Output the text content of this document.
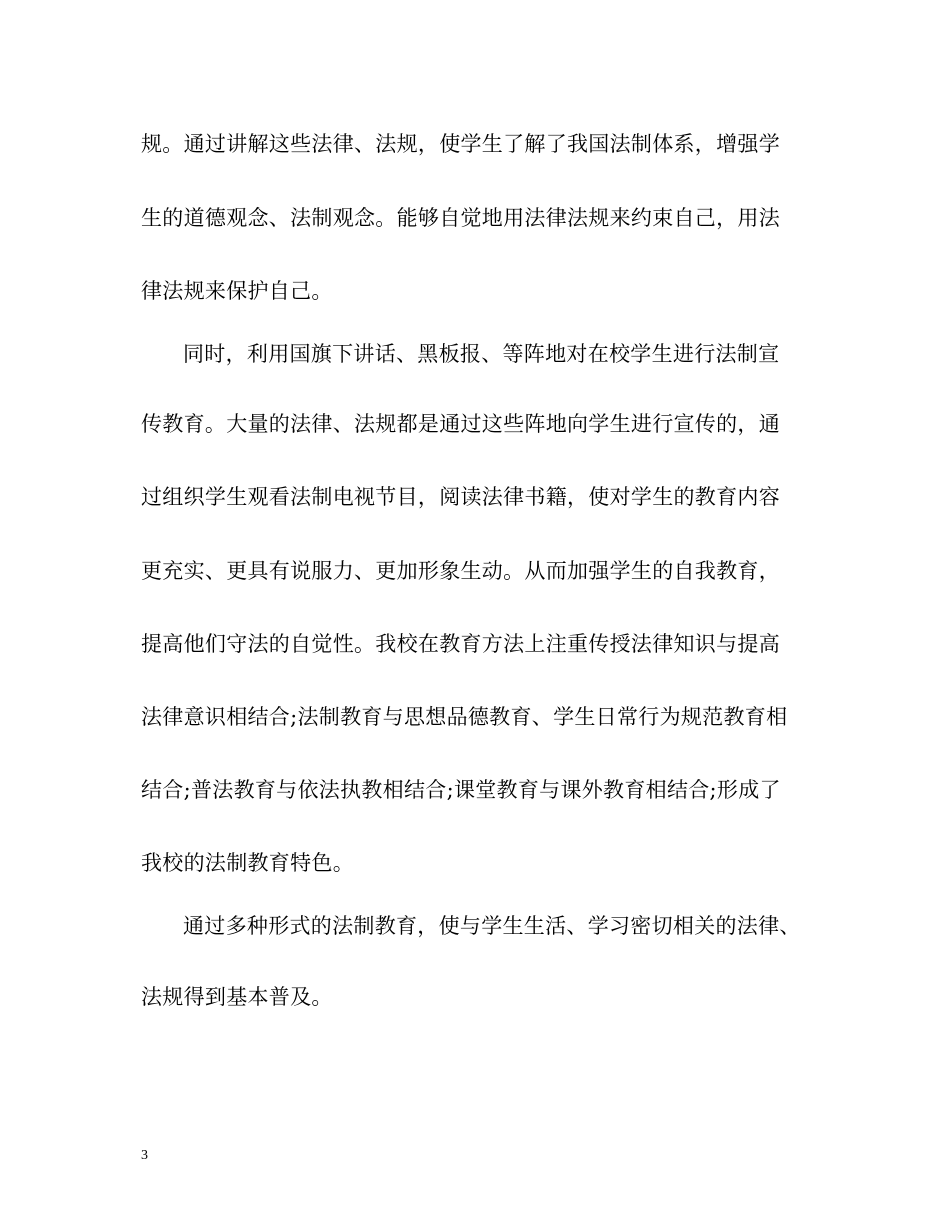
规。通过讲解这些法律、法规，使学生了解了我国法制体系，增强学
生的道德观念、法制观念。能够自觉地用法律法规来约束自己，用法
律法规来保护自己。
同时，利用国旗下讲话、黑板报、等阵地对在校学生进行法制宣
传教育。大量的法律、法规都是通过这些阵地向学生进行宣传的，通
过组织学生观看法制电视节目，阅读法律书籍，使对学生的教育内容
更充实、更具有说服力、更加形象生动。从而加强学生的自我教育，
提高他们守法的自觉性。我校在教育方法上注重传授法律知识与提高
法律意识相结合;法制教育与思想品德教育、学生日常行为规范教育相
结合;普法教育与依法执教相结合;课堂教育与课外教育相结合;形成了
我校的法制教育特色。
通过多种形式的法制教育，使与学生生活、学习密切相关的法律、
法规得到基本普及。
3
